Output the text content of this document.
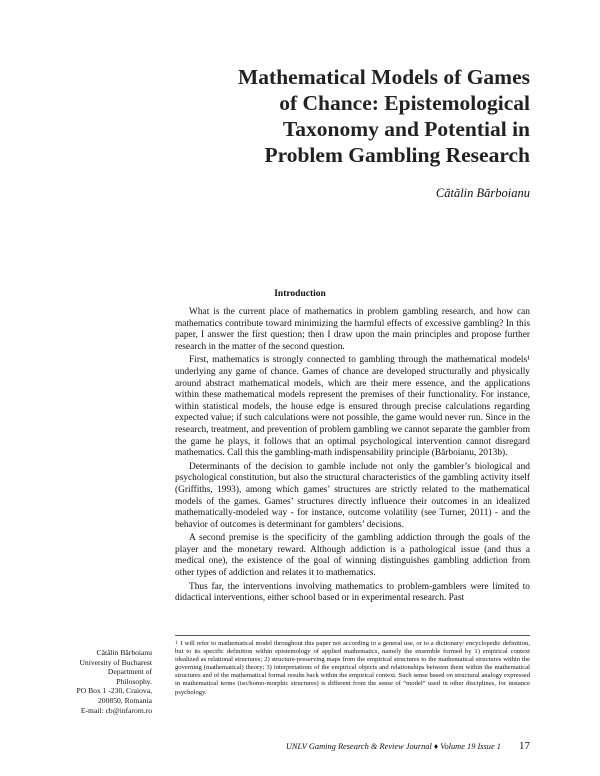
Mathematical Models of Games
of Chance: Epistemological
Taxonomy and Potential in
Problem Gambling Research
Cătălin Bărboianu
Introduction

What is the current place of mathematics in problem gambling research, and how can mathematics contribute toward minimizing the harmful effects of excessive gambling? In this paper, I answer the first question; then I draw upon the main principles and propose further research in the matter of the second question.

First, mathematics is strongly connected to gambling through the mathematical models¹ underlying any game of chance. Games of chance are developed structurally and physically around abstract mathematical models, which are their mere essence, and the applications within these mathematical models represent the premises of their functionality. For instance, within statistical models, the house edge is ensured through precise calculations regarding expected value; if such calculations were not possible, the game would never run. Since in the research, treatment, and prevention of problem gambling we cannot separate the gambler from the game he plays, it follows that an optimal psychological intervention cannot disregard mathematics. Call this the gambling-math indispensability principle (Bărboianu, 2013b).

Determinants of the decision to gamble include not only the gambler’s biological and psychological constitution, but also the structural characteristics of the gambling activity itself (Griffiths, 1993), among which games’ structures are strictly related to the mathematical models of the games. Games’ structures directly influence their outcomes in an idealized mathematically-modeled way - for instance, outcome volatility (see Turner, 2011) - and the behavior of outcomes is determinant for gamblers’ decisions.

A second premise is the specificity of the gambling addiction through the goals of the player and the monetary reward. Although addiction is a pathological issue (and thus a medical one), the existence of the goal of winning distinguishes gambling addiction from other types of addiction and relates it to mathematics.

Thus far, the interventions involving mathematics to problem-gamblers were limited to didactical interventions, either school based or in experimental research. Past

Cătălin Bărboianu
University of Bucharest
Department of
Philosophy.
PO Box 1 -230, Craiova,
200850, Romania
E-mail: cb@infarom.ro
$^1$ I will refer to mathematical model throughout this paper not according to a general use, or to a dictionary/ encyclopedic definition, but to its specific definition within epistemology of applied mathematics, namely the ensemble formed by 1) empirical context idealized as relational structures; 2) structure-preserving maps from the empirical structures to the mathematical structures within the governing (mathematical) theory; 3) interpretations of the empirical objects and relationships between them within the mathematical structures and of the mathematical formal results back within the empirical context. Such sense based on structural analogy expressed in mathematical terms (iso/homo-morphic structures) is different from the sense of “model” used in other disciplines, for instance psychology.
UNLV Gaming Research & Review Journal ♦ Volume 19 Issue 1 17
